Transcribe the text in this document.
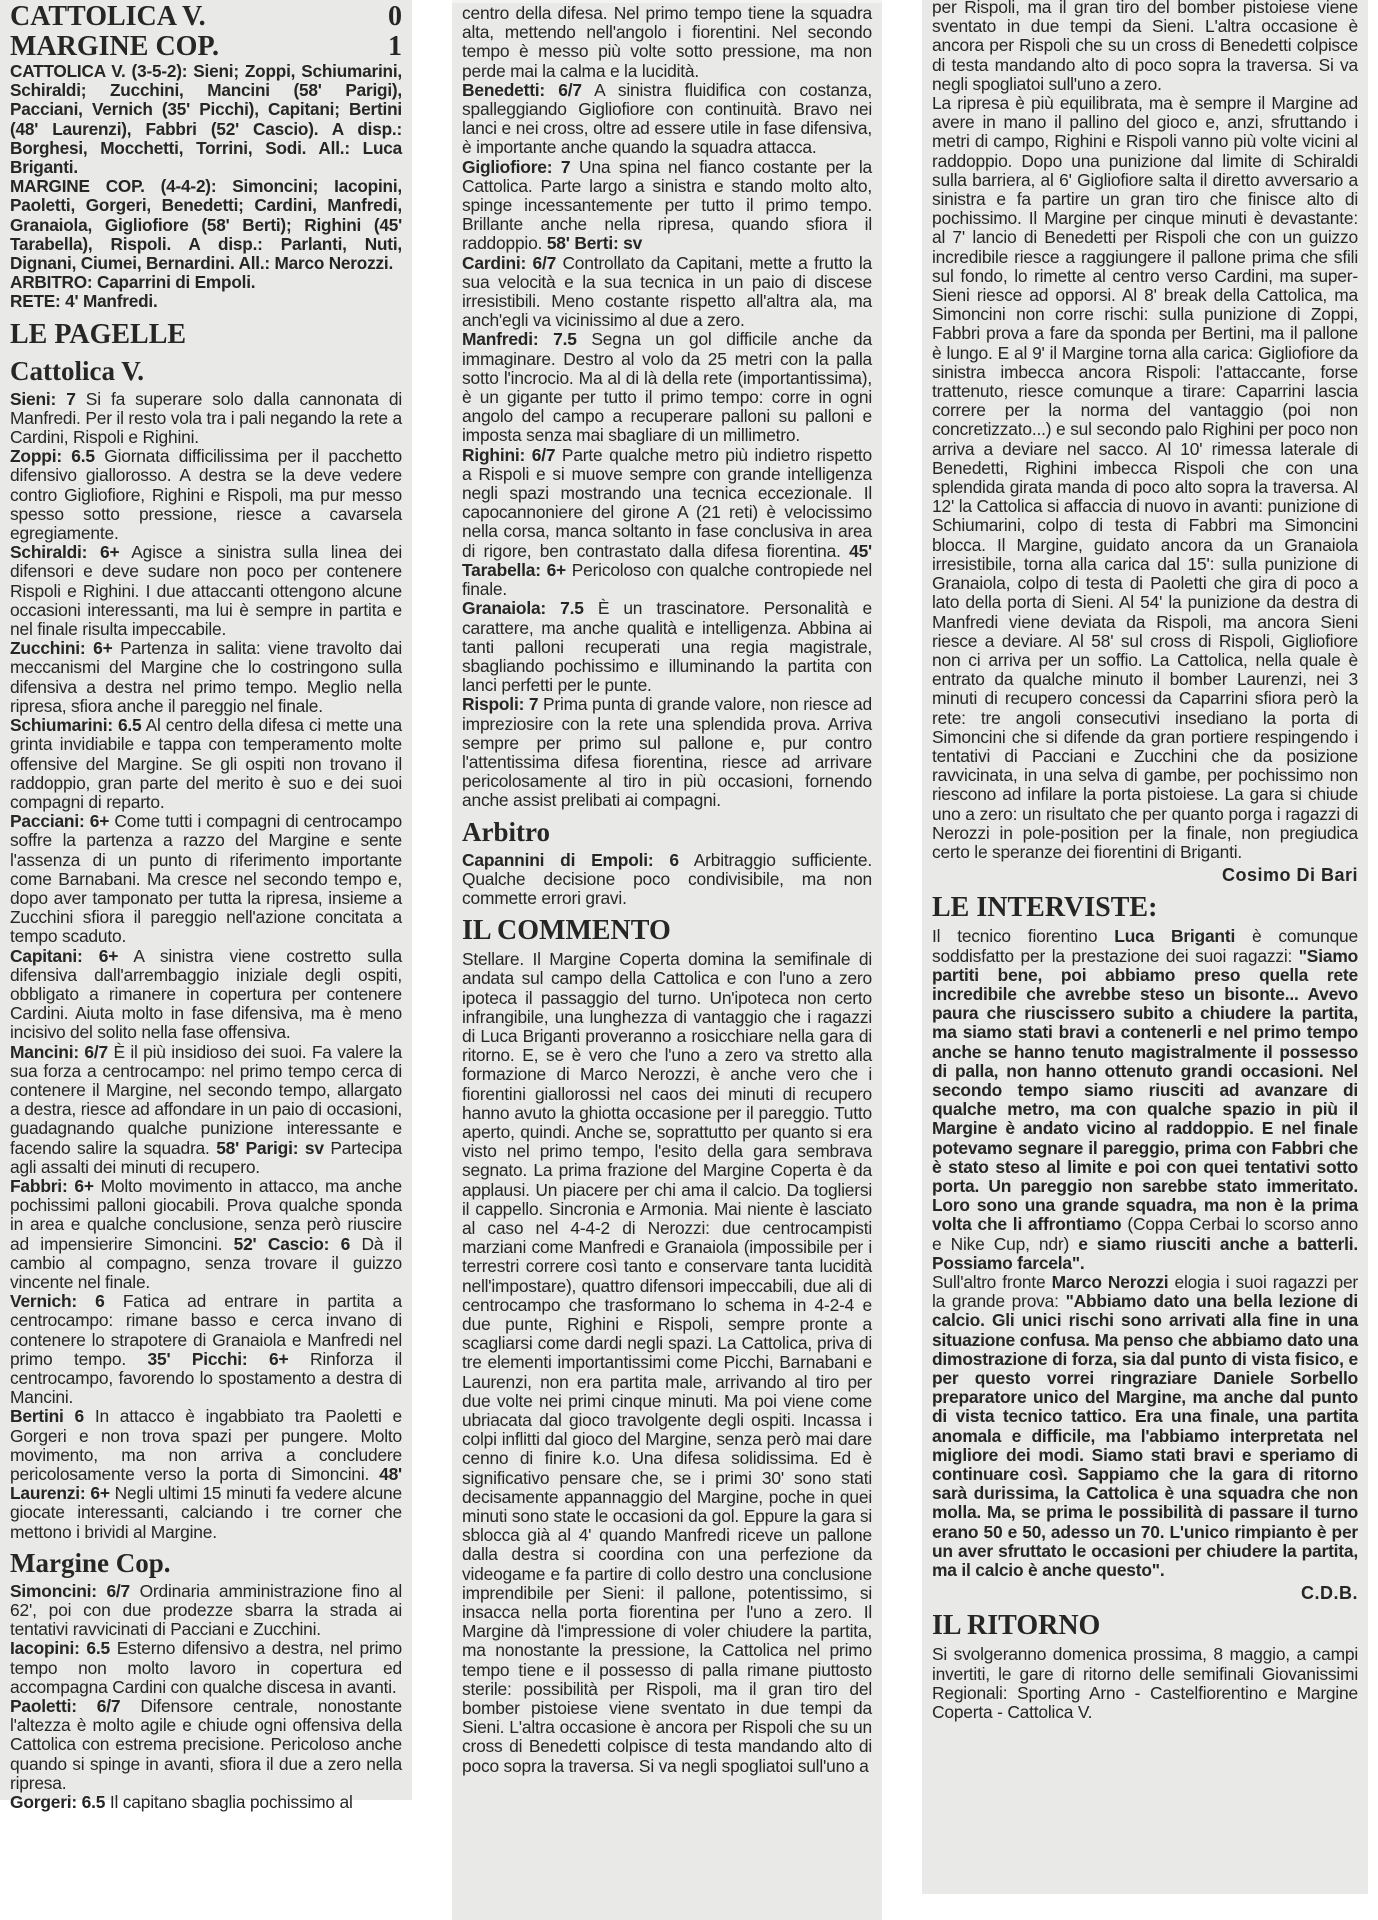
CATTOLICA V.	0
MARGINE COP.	1

CATTOLICA V. (3-5-2): Sieni; Zoppi, Schiumarini, Schiraldi; Zucchini, Mancini (58' Parigi), Pacciani, Vernich (35' Picchi), Capitani; Bertini (48' Laurenzi), Fabbri (52' Cascio). A disp.: Borghesi, Mocchetti, Torrini, Sodi. All.: Luca Briganti.

MARGINE COP. (4-4-2): Simoncini; Iacopini, Paoletti, Gorgeri, Benedetti; Cardini, Manfredi, Granaiola, Gigliofiore (58' Berti); Righini (45' Tarabella), Rispoli. A disp.: Parlanti, Nuti, Dignani, Ciumei, Bernardini. All.: Marco Nerozzi.

ARBITRO: Caparrini di Empoli.

RETE: 4' Manfredi.

LE PAGELLE
Cattolica V.

Sieni: 7 Si fa superare solo dalla cannonata di Manfredi. Per il resto vola tra i pali negando la rete a Cardini, Rispoli e Righini.

Zoppi: 6.5 Giornata difficilissima per il pacchetto difensivo giallorosso. A destra se la deve vedere contro Gigliofiore, Righini e Rispoli, ma pur messo spesso sotto pressione, riesce a cavarsela egregiamente.

Schiraldi: 6+ Agisce a sinistra sulla linea dei difensori e deve sudare non poco per contenere Rispoli e Righini. I due attaccanti ottengono alcune occasioni interessanti, ma lui è sempre in partita e nel finale risulta impeccabile.

Zucchini: 6+ Partenza in salita: viene travolto dai meccanismi del Margine che lo costringono sulla difensiva a destra nel primo tempo. Meglio nella ripresa, sfiora anche il pareggio nel finale.

Schiumarini: 6.5 Al centro della difesa ci mette una grinta invidiabile e tappa con temperamento molte offensive del Margine. Se gli ospiti non trovano il raddoppio, gran parte del merito è suo e dei suoi compagni di reparto.

Pacciani: 6+ Come tutti i compagni di centrocampo soffre la partenza a razzo del Margine e sente l'assenza di un punto di riferimento importante come Barnabani. Ma cresce nel secondo tempo e, dopo aver tamponato per tutta la ripresa, insieme a Zucchini sfiora il pareggio nell'azione concitata a tempo scaduto.

Capitani: 6+ A sinistra viene costretto sulla difensiva dall'arrembaggio iniziale degli ospiti, obbligato a rimanere in copertura per contenere Cardini. Aiuta molto in fase difensiva, ma è meno incisivo del solito nella fase offensiva.

Mancini: 6/7 È il più insidioso dei suoi. Fa valere la sua forza a centrocampo: nel primo tempo cerca di contenere il Margine, nel secondo tempo, allargato a destra, riesce ad affondare in un paio di occasioni, guadagnando qualche punizione interessante e facendo salire la squadra. 58' Parigi: sv Partecipa agli assalti dei minuti di recupero.

Fabbri: 6+ Molto movimento in attacco, ma anche pochissimi palloni giocabili. Prova qualche sponda in area e qualche conclusione, senza però riuscire ad impensierire Simoncini. 52' Cascio: 6 Dà il cambio al compagno, senza trovare il guizzo vincente nel finale.

Vernich: 6 Fatica ad entrare in partita a centrocampo: rimane basso e cerca invano di contenere lo strapotere di Granaiola e Manfredi nel primo tempo. 35' Picchi: 6+ Rinforza il centrocampo, favorendo lo spostamento a destra di Mancini.

Bertini 6 In attacco è ingabbiato tra Paoletti e Gorgeri e non trova spazi per pungere. Molto movimento, ma non arriva a concludere pericolosamente verso la porta di Simoncini. 48' Laurenzi: 6+ Negli ultimi 15 minuti fa vedere alcune giocate interessanti, calciando i tre corner che mettono i brividi al Margine.

Margine Cop.

Simoncini: 6/7 Ordinaria amministrazione fino al 62', poi con due prodezze sbarra la strada ai tentativi ravvicinati di Pacciani e Zucchini.

Iacopini: 6.5 Esterno difensivo a destra, nel primo tempo non molto lavoro in copertura ed accompagna Cardini con qualche discesa in avanti.

Paoletti: 6/7 Difensore centrale, nonostante l'altezza è molto agile e chiude ogni offensiva della Cattolica con estrema precisione. Pericoloso anche quando si spinge in avanti, sfiora il due a zero nella ripresa.

Gorgeri: 6.5 Il capitano sbaglia pochissimo al

centro della difesa. Nel primo tempo tiene la squadra alta, mettendo nell'angolo i fiorentini. Nel secondo tempo è messo più volte sotto pressione, ma non perde mai la calma e la lucidità.

Benedetti: 6/7 A sinistra fluidifica con costanza, spalleggiando Gigliofiore con continuità. Bravo nei lanci e nei cross, oltre ad essere utile in fase difensiva, è importante anche quando la squadra attacca.

Gigliofiore: 7 Una spina nel fianco costante per la Cattolica. Parte largo a sinistra e stando molto alto, spinge incessantemente per tutto il primo tempo. Brillante anche nella ripresa, quando sfiora il raddoppio. 58' Berti: sv

Cardini: 6/7 Controllato da Capitani, mette a frutto la sua velocità e la sua tecnica in un paio di discese irresistibili. Meno costante rispetto all'altra ala, ma anch'egli va vicinissimo al due a zero.

Manfredi: 7.5 Segna un gol difficile anche da immaginare. Destro al volo da 25 metri con la palla sotto l'incrocio. Ma al di là della rete (importantissima), è un gigante per tutto il primo tempo: corre in ogni angolo del campo a recuperare palloni su palloni e imposta senza mai sbagliare di un millimetro.

Righini: 6/7 Parte qualche metro più indietro rispetto a Rispoli e si muove sempre con grande intelligenza negli spazi mostrando una tecnica eccezionale. Il capocannoniere del girone A (21 reti) è velocissimo nella corsa, manca soltanto in fase conclusiva in area di rigore, ben contrastato dalla difesa fiorentina. 45' Tarabella: 6+ Pericoloso con qualche contropiede nel finale.

Granaiola: 7.5 È un trascinatore. Personalità e carattere, ma anche qualità e intelligenza. Abbina ai tanti palloni recuperati una regia magistrale, sbagliando pochissimo e illuminando la partita con lanci perfetti per le punte.

Rispoli: 7 Prima punta di grande valore, non riesce ad impreziosire con la rete una splendida prova. Arriva sempre per primo sul pallone e, pur contro l'attentissima difesa fiorentina, riesce ad arrivare pericolosamente al tiro in più occasioni, fornendo anche assist prelibati ai compagni.

Arbitro

Capannini di Empoli: 6 Arbitraggio sufficiente. Qualche decisione poco condivisibile, ma non commette errori gravi.

IL COMMENTO

Stellare. Il Margine Coperta domina la semifinale di andata sul campo della Cattolica e con l'uno a zero ipoteca il passaggio del turno. Un'ipoteca non certo infrangibile, una lunghezza di vantaggio che i ragazzi di Luca Briganti proveranno a rosicchiare nella gara di ritorno. E, se è vero che l'uno a zero va stretto alla formazione di Marco Nerozzi, è anche vero che i fiorentini giallorossi nel caos dei minuti di recupero hanno avuto la ghiotta occasione per il pareggio. Tutto aperto, quindi. Anche se, soprattutto per quanto si era visto nel primo tempo, l'esito della gara sembrava segnato. La prima frazione del Margine Coperta è da applausi. Un piacere per chi ama il calcio. Da togliersi il cappello. Sincronia e Armonia. Mai niente è lasciato al caso nel 4-4-2 di Nerozzi: due centrocampisti marziani come Manfredi e Granaiola (impossibile per i terrestri correre così tanto e conservare tanta lucidità nell'impostare), quattro difensori impeccabili, due ali di centrocampo che trasformano lo schema in 4-2-4 e due punte, Righini e Rispoli, sempre pronte a scagliarsi come dardi negli spazi. La Cattolica, priva di tre elementi importantissimi come Picchi, Barnabani e Laurenzi, non era partita male, arrivando al tiro per due volte nei primi cinque minuti. Ma poi viene come ubriacata dal gioco travolgente degli ospiti. Incassa i colpi inflitti dal gioco del Margine, senza però mai dare cenno di finire k.o. Una difesa solidissima. Ed è significativo pensare che, se i primi 30' sono stati decisamente appannaggio del Margine, poche in quei minuti sono state le occasioni da gol. Eppure la gara si sblocca già al 4' quando Manfredi riceve un pallone dalla destra si coordina con una perfezione da videogame e fa partire di collo destro una conclusione imprendibile per Sieni: il pallone, potentissimo, si insacca nella porta fiorentina per l'uno a zero. Il Margine dà l'impressione di voler chiudere la partita, ma nonostante la pressione, la Cattolica nel primo tempo tiene e il possesso di palla rimane piuttosto sterile: possibilità per Rispoli, ma il gran tiro del bomber pistoiese viene sventato in due tempi da Sieni. L'altra occasione è ancora per Rispoli che su un cross di Benedetti colpisce di testa mandando alto di poco sopra la traversa. Si va negli spogliatoi sull'uno a

per Rispoli, ma il gran tiro del bomber pistoiese viene sventato in due tempi da Sieni. L'altra occasione è ancora per Rispoli che su un cross di Benedetti colpisce di testa mandando alto di poco sopra la traversa. Si va negli spogliatoi sull'uno a zero.

La ripresa è più equilibrata, ma è sempre il Margine ad avere in mano il pallino del gioco e, anzi, sfruttando i metri di campo, Righini e Rispoli vanno più volte vicini al raddoppio. Dopo una punizione dal limite di Schiraldi sulla barriera, al 6' Gigliofiore salta il diretto avversario a sinistra e fa partire un gran tiro che finisce alto di pochissimo. Il Margine per cinque minuti è devastante: al 7' lancio di Benedetti per Rispoli che con un guizzo incredibile riesce a raggiungere il pallone prima che sfili sul fondo, lo rimette al centro verso Cardini, ma super-Sieni riesce ad opporsi. Al 8' break della Cattolica, ma Simoncini non corre rischi: sulla punizione di Zoppi, Fabbri prova a fare da sponda per Bertini, ma il pallone è lungo. E al 9' il Margine torna alla carica: Gigliofiore da sinistra imbecca ancora Rispoli: l'attaccante, forse trattenuto, riesce comunque a tirare: Caparrini lascia correre per la norma del vantaggio (poi non concretizzato...) e sul secondo palo Righini per poco non arriva a deviare nel sacco. Al 10' rimessa laterale di Benedetti, Righini imbecca Rispoli che con una splendida girata manda di poco alto sopra la traversa. Al 12' la Cattolica si affaccia di nuovo in avanti: punizione di Schiumarini, colpo di testa di Fabbri ma Simoncini blocca. Il Margine, guidato ancora da un Granaiola irresistibile, torna alla carica dal 15': sulla punizione di Granaiola, colpo di testa di Paoletti che gira di poco a lato della porta di Sieni. Al 54' la punizione da destra di Manfredi viene deviata da Rispoli, ma ancora Sieni riesce a deviare. Al 58' sul cross di Rispoli, Gigliofiore non ci arriva per un soffio. La Cattolica, nella quale è entrato da qualche minuto il bomber Laurenzi, nei 3 minuti di recupero concessi da Caparrini sfiora però la rete: tre angoli consecutivi insediano la porta di Simoncini che si difende da gran portiere respingendo i tentativi di Pacciani e Zucchini che da posizione ravvicinata, in una selva di gambe, per pochissimo non riescono ad infilare la porta pistoiese. La gara si chiude uno a zero: un risultato che per quanto porga i ragazzi di Nerozzi in pole-position per la finale, non pregiudica certo le speranze dei fiorentini di Briganti.

Cosimo Di Bari
LE INTERVISTE:

Il tecnico fiorentino Luca Briganti è comunque soddisfatto per la prestazione dei suoi ragazzi: "Siamo partiti bene, poi abbiamo preso quella rete incredibile che avrebbe steso un bisonte... Avevo paura che riuscissero subito a chiudere la partita, ma siamo stati bravi a contenerli e nel primo tempo anche se hanno tenuto magistralmente il possesso di palla, non hanno ottenuto grandi occasioni. Nel secondo tempo siamo riusciti ad avanzare di qualche metro, ma con qualche spazio in più il Margine è andato vicino al raddoppio. E nel finale potevamo segnare il pareggio, prima con Fabbri che è stato steso al limite e poi con quei tentativi sotto porta. Un pareggio non sarebbe stato immeritato. Loro sono una grande squadra, ma non è la prima volta che li affrontiamo (Coppa Cerbai lo scorso anno e Nike Cup, ndr) e siamo riusciti anche a batterli. Possiamo farcela".

Sull'altro fronte Marco Nerozzi elogia i suoi ragazzi per la grande prova: "Abbiamo dato una bella lezione di calcio. Gli unici rischi sono arrivati alla fine in una situazione confusa. Ma penso che abbiamo dato una dimostrazione di forza, sia dal punto di vista fisico, e per questo vorrei ringraziare Daniele Sorbello preparatore unico del Margine, ma anche dal punto di vista tecnico tattico. Era una finale, una partita anomala e difficile, ma l'abbiamo interpretata nel migliore dei modi. Siamo stati bravi e speriamo di continuare così. Sappiamo che la gara di ritorno sarà durissima, la Cattolica è una squadra che non molla. Ma, se prima le possibilità di passare il turno erano 50 e 50, adesso un 70. L'unico rimpianto è per un aver sfruttato le occasioni per chiudere la partita, ma il calcio è anche questo".

C.D.B.
IL RITORNO

Si svolgeranno domenica prossima, 8 maggio, a campi invertiti, le gare di ritorno delle semifinali Giovanissimi Regionali: Sporting Arno - Castelfiorentino e Margine Coperta - Cattolica V.
